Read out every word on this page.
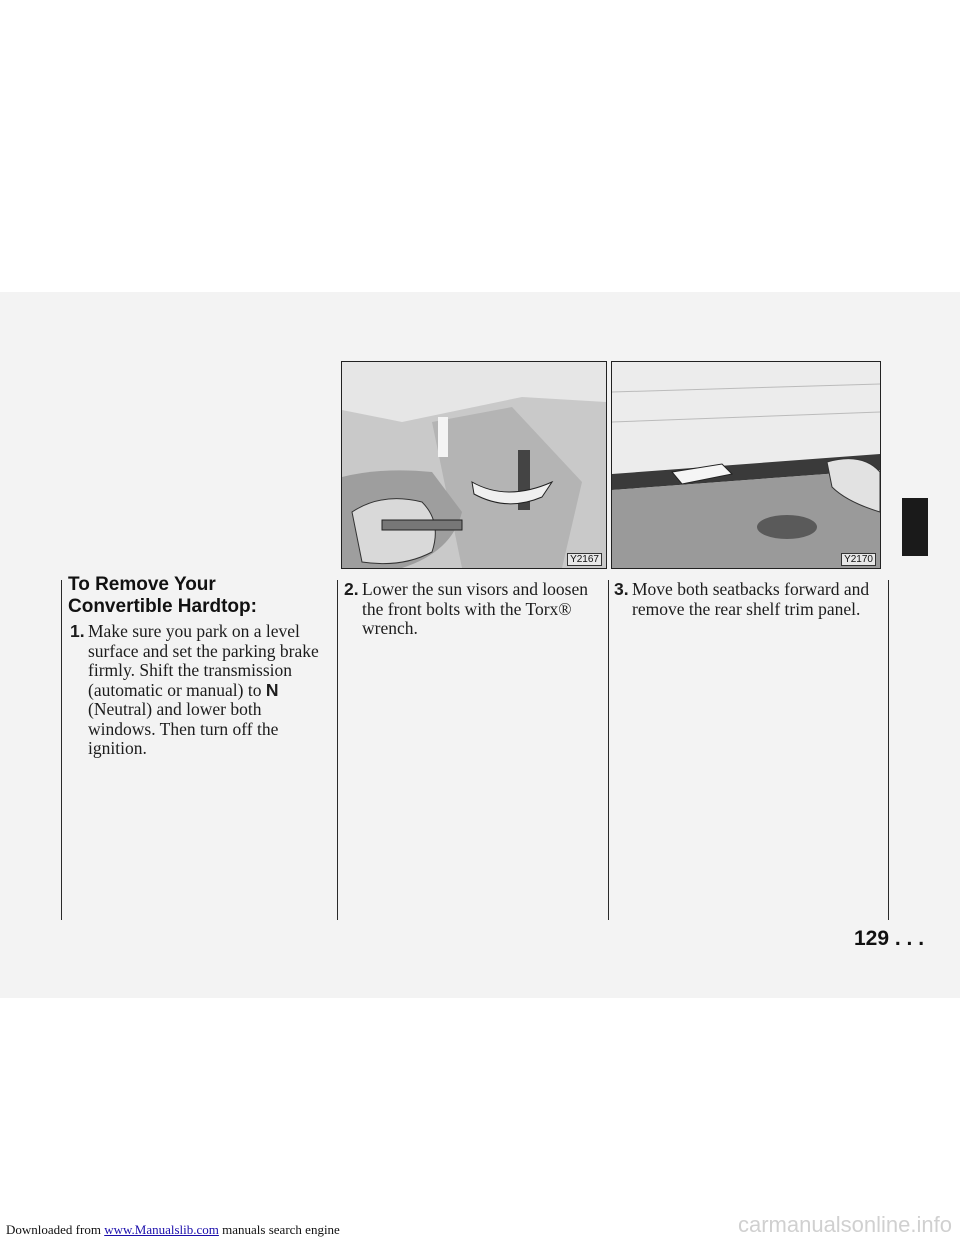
Y2167	Y2170
To Remove Your Convertible Hardtop:

1. Make sure you park on a level surface and set the parking brake firmly. Shift the transmission (automatic or manual) to N (Neutral) and lower both windows. Then turn off the ignition.

2. Lower the sun visors and loosen the front bolts with the Torx® wrench.

3. Move both seatbacks forward and remove the rear shelf trim panel.

129 . . .
Downloaded from www.Manualslib.com manuals search engine	carmanualsonline.info
